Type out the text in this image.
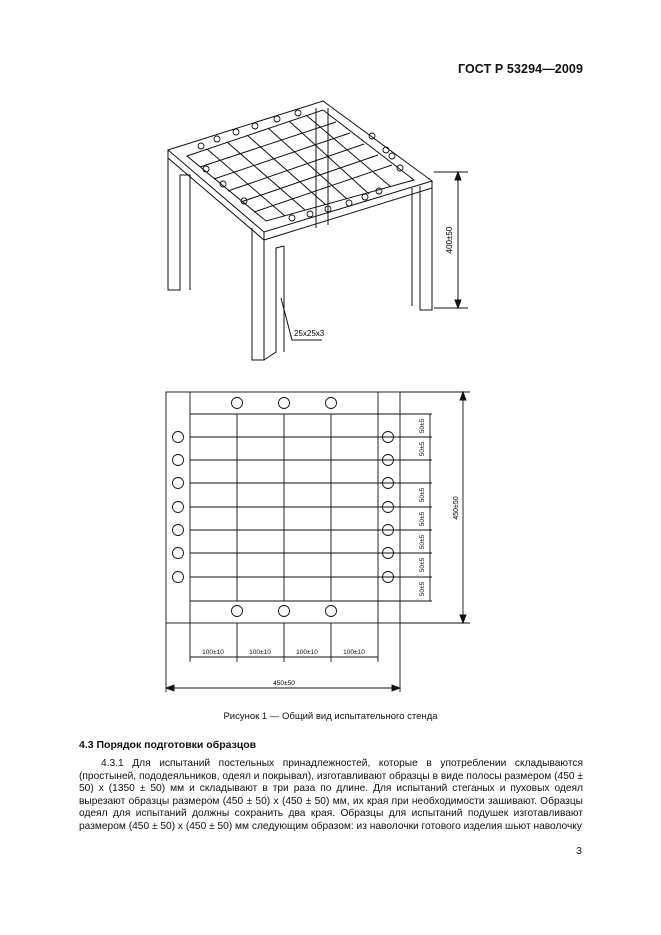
ГОСТ Р 53294—2009
400±50
25х25х3
50±5
50±5
50±5
50±5
50±5
50±5
50±5
450±50
100±10	100±10	100±10	100±10
450±50
Рисунок 1 — Общий вид испытательного стенда
4.3 Порядок подготовки образцов
4.3.1 Для испытаний постельных принадлежностей, которые в употреблении складываются (простыней, пододеяльников, одеял и покрывал), изготавливают образцы в виде полосы размером (450 ± 50) х (1350 ± 50) мм и складывают в три раза по длине. Для испытаний стеганых и пуховых одеял вырезают образцы размером (450 ± 50) х (450 ± 50) мм, их края при необходимости зашивают. Образцы одеял для испытаний должны сохранить два края. Образцы для испытаний подушек изготавливают размером (450 ± 50) х (450 ± 50) мм следующим образом: из наволочки готового изделия шьют наволочку
3
